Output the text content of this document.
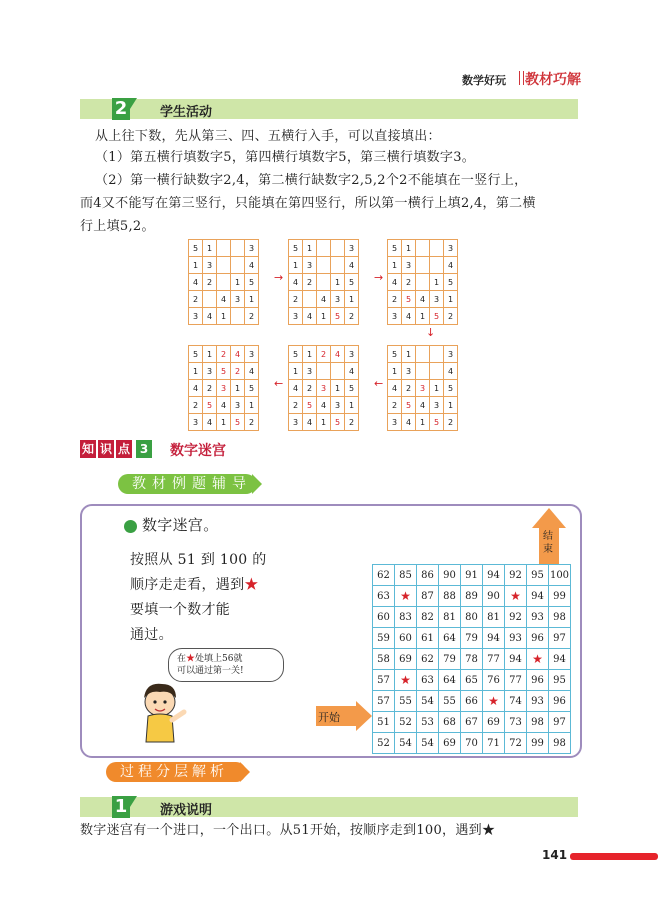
数学好玩 教材巧解
2	学生活动
从上往下数，先从第三、四、五横行入手，可以直接填出：
（1）第五横行填数字5，第四横行填数字5，第三横行填数字3。
（2）第一横行缺数字2,4，第二横行缺数字2,5,2个2不能填在一竖行上，
而4又不能写在第三竖行，只能填在第四竖行，所以第一横行上填2,4，第二横
行上填5,2。
5	1			3
1	3			4
4	2		1	5
2		4	3	1
3	4	1		2
5	1			3
1	3			4
4	2		1	5
2		4	3	1
3	4	1	5	2
5	1			3
1	3			4
4	2		1	5
2	5	4	3	1
3	4	1	5	2
5	1			3
1	3			4
4	2	3	1	5
2	5	4	3	1
3	4	1	5	2
5	1	2	4	3
1	3			4
4	2	3	1	5
2	5	4	3	1
3	4	1	5	2
5	1	2	4	3
1	3	5	2	4
4	2	3	1	5
2	5	4	3	1
3	4	1	5	2
→	→
↓
←
←
知 识 点 3 数字迷宫
教材例题辅导
数字迷宫。
按照从 51 到 100 的
顺序走走看，遇到★
要填一个数才能
通过。
在★处填上56就
可以通过第一关!
开始
结束
62	85	86	90	91	94	92	95	100
63	★	87	88	89	90	★	94	99
60	83	82	81	80	81	92	93	98
59	60	61	64	79	94	93	96	97
58	69	62	79	78	77	94	★	94
57	★	63	64	65	76	77	96	95
57	55	54	55	66	★	74	93	96
51	52	53	68	67	69	73	98	97
52	54	54	69	70	71	72	99	98
过程分层解析
1	游戏说明
数字迷宫有一个进口，一个出口。从51开始，按顺序走到100，遇到★
141
